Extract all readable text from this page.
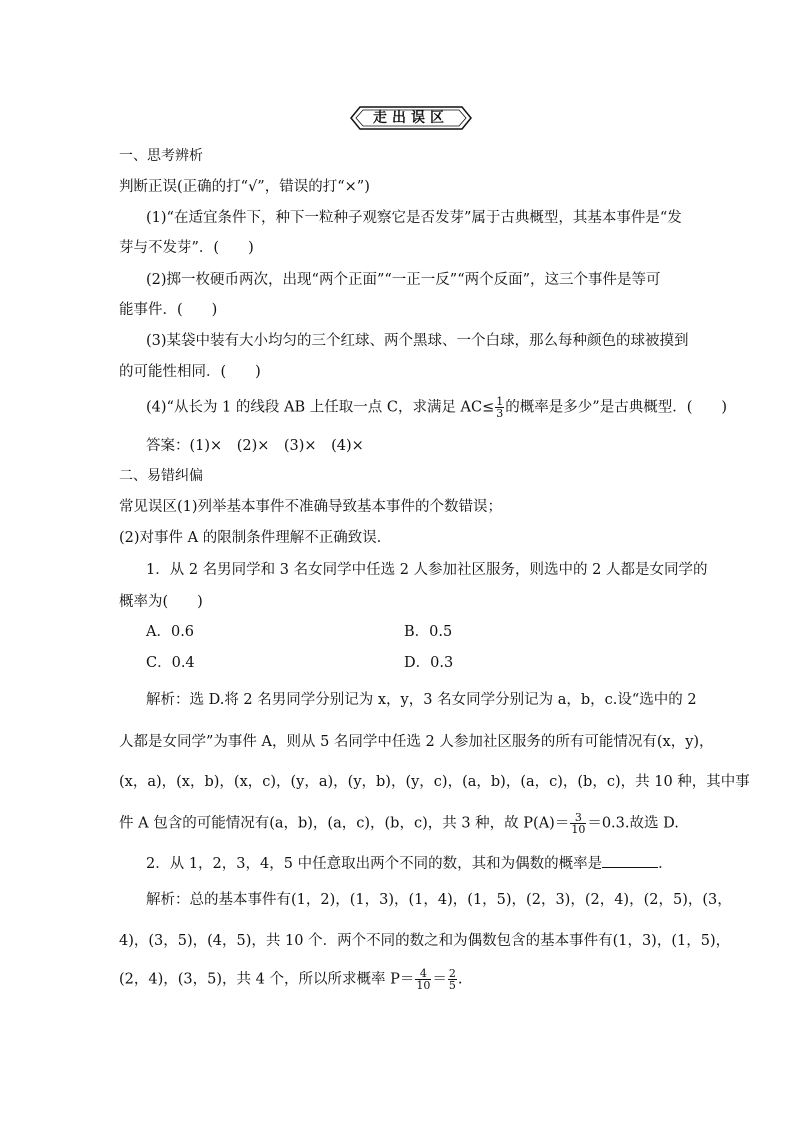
走出误区
一、思考辨析
判断正误(正确的打“√”，错误的打“×”)
(1)“在适宜条件下，种下一粒种子观察它是否发芽”属于古典概型，其基本事件是“发
芽与不发芽”．(　　)
(2)掷一枚硬币两次，出现“两个正面”“一正一反”“两个反面”，这三个事件是等可
能事件．(　　)
(3)某袋中装有大小均匀的三个红球、两个黑球、一个白球，那么每种颜色的球被摸到
的可能性相同．(　　)
(4)“从长为 1 的线段 AB 上任取一点 C，求满足 $AC\le \frac{1}{3}$ 的概率是多少”是古典概型．(　　)
答案：(1)×　(2)×　(3)×　(4)×
二、易错纠偏
常见误区(1)列举基本事件不准确导致基本事件的个数错误；
(2)对事件 A 的限制条件理解不正确致误．
1．从 2 名男同学和 3 名女同学中任选 2 人参加社区服务，则选中的 2 人都是女同学的
概率为(　　)
A．0.6	B．0.5
C．0.4	D．0.3
解析：选 D.将 2 名男同学分别记为 x，y，3 名女同学分别记为 a，b，c.设“选中的 2
人都是女同学”为事件 A，则从 5 名同学中任选 2 人参加社区服务的所有可能情况有(x，y)，
(x，a)，(x，b)，(x，c)，(y，a)，(y，b)，(y，c)，(a，b)，(a，c)，(b，c)，共 10 种，其中事
件 A 包含的可能情况有(a，b)，(a，c)，(b，c)，共 3 种，故 $P(A)= \frac{3}{10} =0.3$.故选 D.
2．从 1，2，3，4，5 中任意取出两个不同的数，其和为偶数的概率是	．
解析：总的基本事件有(1，2)，(1，3)，(1，4)，(1，5)，(2，3)，(2，4)，(2，5)，(3，
4)，(3，5)，(4，5)，共 10 个．两个不同的数之和为偶数包含的基本事件有(1，3)，(1，5)，
(2，4)，(3，5)，共 4 个，所以所求概率 $P= \frac{4}{10} = \frac{2}{5}$ .
